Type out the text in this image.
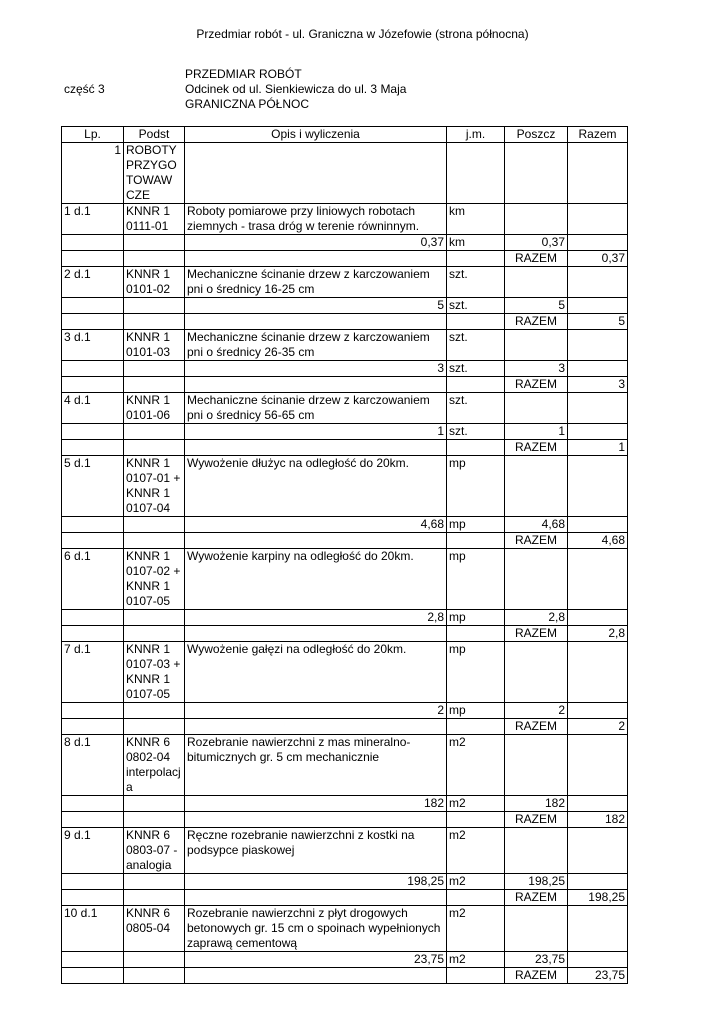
Przedmiar robót - ul. Graniczna w Józefowie (strona północna)
część 3
PRZEDMIAR ROBÓT
Odcinek od ul. Sienkiewicza do ul. 3 Maja
GRANICZNA PÓŁNOC
Lp.	Podst	Opis i wyliczenia	j.m.	Poszcz	Razem
1	ROBOTY PRZYGO TOWAW CZE				
1 d.1	KNNR 1 0111-01	Roboty pomiarowe przy liniowych robotach ziemnych - trasa dróg w terenie równinnym.	km		
		0,37	km	0,37	
				RAZEM	0,37
2 d.1	KNNR 1 0101-02	Mechaniczne ścinanie drzew z karczowaniem pni o średnicy 16-25 cm	szt.		
		5	szt.	5	
				RAZEM	5
3 d.1	KNNR 1 0101-03	Mechaniczne ścinanie drzew z karczowaniem pni o średnicy 26-35 cm	szt.		
		3	szt.	3	
				RAZEM	3
4 d.1	KNNR 1 0101-06	Mechaniczne ścinanie drzew z karczowaniem pni o średnicy 56-65 cm	szt.		
		1	szt.	1	
				RAZEM	1
5 d.1	KNNR 1 0107-01 + KNNR 1 0107-04	Wywożenie dłużyc na odległość do 20km.	mp		
		4,68	mp	4,68	
				RAZEM	4,68
6 d.1	KNNR 1 0107-02 + KNNR 1 0107-05	Wywożenie karpiny na odległość do 20km.	mp		
		2,8	mp	2,8	
				RAZEM	2,8
7 d.1	KNNR 1 0107-03 + KNNR 1 0107-05	Wywożenie gałęzi na odległość do 20km.	mp		
		2	mp	2	
				RAZEM	2
8 d.1	KNNR 6 0802-04 interpolacj a	Rozebranie nawierzchni z mas mineralno-bitumicznych gr. 5 cm mechanicznie	m2		
		182	m2	182	
				RAZEM	182
9 d.1	KNNR 6 0803-07 - analogia	Ręczne rozebranie nawierzchni z kostki na podsypce piaskowej	m2		
		198,25	m2	198,25	
				RAZEM	198,25
10 d.1	KNNR 6 0805-04	Rozebranie nawierzchni z płyt drogowych betonowych gr. 15 cm o spoinach wypełnionych zaprawą cementową	m2		
		23,75	m2	23,75	
				RAZEM	23,75
